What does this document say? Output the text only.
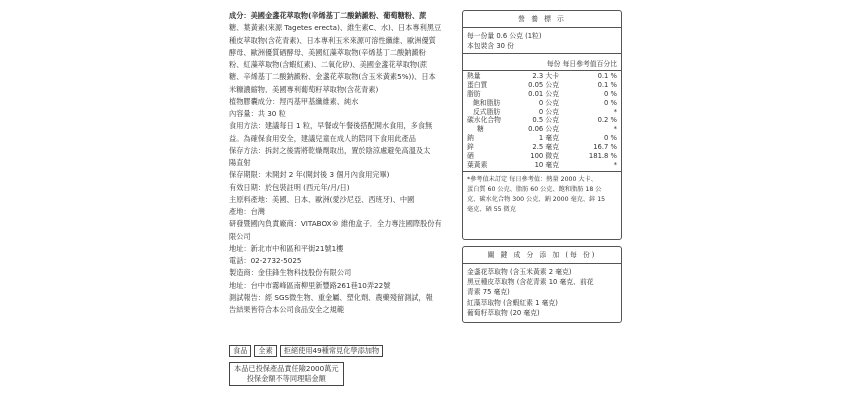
成分：美國金盞花萃取物(辛烯基丁二酸鈉澱粉、葡萄糖粉、蔗

糖、葉黃素(來源 Tagetes erecta)、維生素C、水)、日本專利黑豆

種皮萃取物(含花青素)、日本專利玉米來源可溶性纖維、歐洲優質

酵母、歐洲優質硒酵母、美國紅藻萃取物(辛烯基丁二酸鈉澱粉

粉、紅藻萃取物(含蝦紅素)、二氧化矽)、美國金盞花萃取物(蔗

糖、辛烯基丁二酸鈉澱粉、金盞花萃取物(含玉米黃素5%))、日本

米糠濃縮物、美國專利葡萄籽萃取物(含花青素)

植物膠囊成分：羥丙基甲基纖維素、純水

內容量：共 30 粒

食用方法：建議每日 1 粒，早餐或午餐後搭配開水食用，多食無

益。為確保食用安全，建議兒童在成人的陪同下食用此產品

保存方法：拆封之後需將乾燥劑取出，置於陰涼處避免高溫及太

陽直射

保存期限：未開封 2 年(開封後 3 個月內食用完畢)

有效日期：於包裝註明 (西元年/月/日)

主原料產地：美國、日本、歐洲(愛沙尼亞、西班牙)、中國

產地：台灣

研發暨國內負責廠商：VITABOX® 維他盒子．全力專注國際股份有

限公司

地址：新北市中和區和平街21號1樓

電話：02-2732-5025

製造商：金佳鋒生物科技股份有限公司

地址：台中市霧峰區南柳里新豐路261巷10弄22號

測試報告：經 SGS微生物、重金屬、塑化劑、農藥殘留測試，報

告結果皆符合本公司食品安全之規範

食品	全素	拒絕使用49種常見化學添加物
本品已投保產品責任險2000萬元
投保金額不等同理賠金額
營 養 標 示
每一份量 0.6 公克 (1粒)
本包裝含 30 份
每份 每日參考值百分比
熱量	2.3 大卡	0.1 %
蛋白質	0.05 公克	0.1 %
脂肪	0.01 公克	0 %
飽和脂肪	0 公克	0 %
反式脂肪	0 公克	*
碳水化合物	0.5 公克	0.2 %
糖	0.06 公克	*
鈉	1 毫克	0 %
鋅	2.5 毫克	16.7 %
硒	100 微克	181.8 %
葉黃素	10 毫克	*
*參考值未訂定 每日參考值：熱量 2000 大卡、
蛋白質 60 公克、脂肪 60 公克、飽和脂肪 18 公
克、碳水化合物 300 公克、鈉 2000 毫克、鋅 15
毫克、硒 55 微克
關 鍵 成 分 添 加 (每 份)
金盞花萃取物 (含玉米黃素 2 毫克)
黑豆種皮萃取物 (含花青素 10 毫克、前花
青素 75 毫克)
紅藻萃取物 (含蝦紅素 1 毫克)
葡萄籽萃取物 (20 毫克)
